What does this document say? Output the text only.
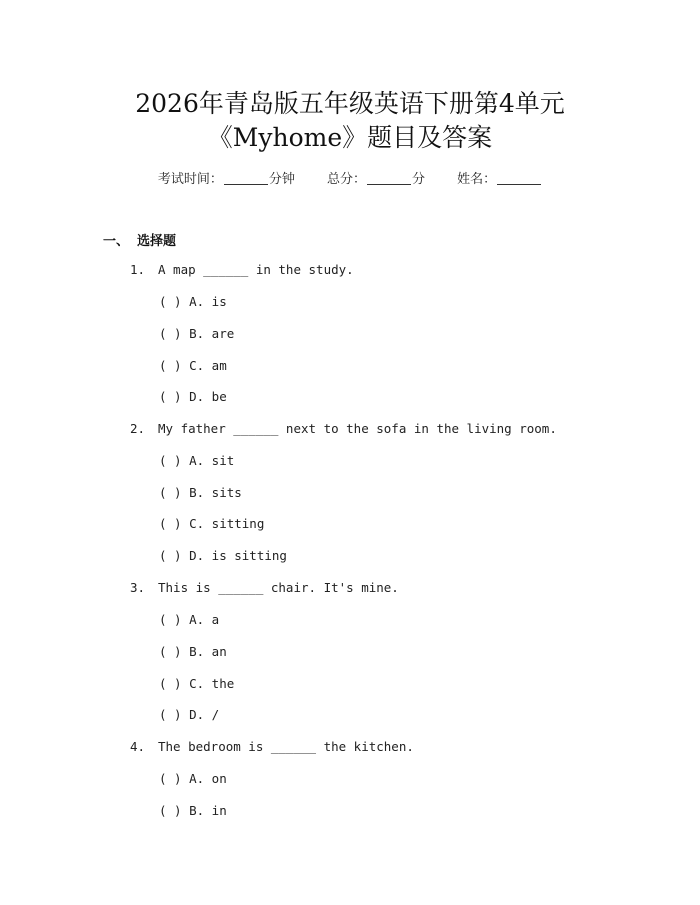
2026年青岛版五年级英语下册第4单元
《Myhome》题目及答案
考试时间：	分钟 总分：	分 姓名：
一、 选择题
1. A map ______ in the study.
( ) A. is
( ) B. are
( ) C. am
( ) D. be
2. My father ______ next to the sofa in the living room.
( ) A. sit
( ) B. sits
( ) C. sitting
( ) D. is sitting
3. This is ______ chair. It's mine.
( ) A. a
( ) B. an
( ) C. the
( ) D. /
4. The bedroom is ______ the kitchen.
( ) A. on
( ) B. in
